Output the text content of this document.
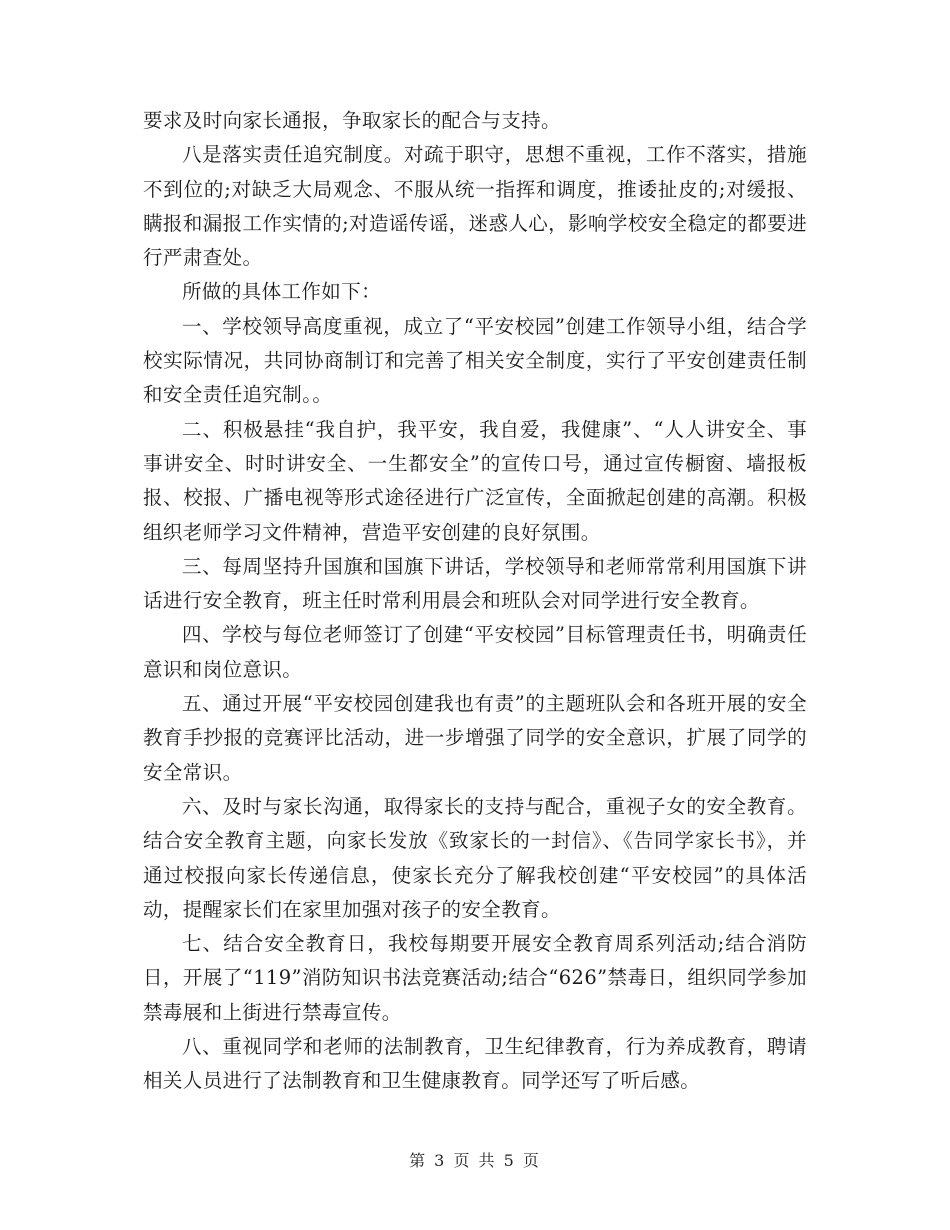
要求及时向家长通报，争取家长的配合与支持。

八是落实责任追究制度。对疏于职守，思想不重视，工作不落实，措施不到位的;对缺乏大局观念、不服从统一指挥和调度，推诿扯皮的;对缓报、瞒报和漏报工作实情的;对造谣传谣，迷惑人心，影响学校安全稳定的都要进行严肃查处。

所做的具体工作如下：

一、学校领导高度重视，成立了“平安校园”创建工作领导小组，结合学校实际情况，共同协商制订和完善了相关安全制度，实行了平安创建责任制和安全责任追究制。。

二、积极悬挂“我自护，我平安，我自爱，我健康”、“人人讲安全、事事讲安全、时时讲安全、一生都安全”的宣传口号，通过宣传橱窗、墙报板报、校报、广播电视等形式途径进行广泛宣传，全面掀起创建的高潮。积极组织老师学习文件精神，营造平安创建的良好氛围。

三、每周坚持升国旗和国旗下讲话，学校领导和老师常常利用国旗下讲话进行安全教育，班主任时常利用晨会和班队会对同学进行安全教育。

四、学校与每位老师签订了创建“平安校园”目标管理责任书，明确责任意识和岗位意识。

五、通过开展“平安校园创建我也有责”的主题班队会和各班开展的安全教育手抄报的竞赛评比活动，进一步增强了同学的安全意识，扩展了同学的安全常识。

六、及时与家长沟通，取得家长的支持与配合，重视子女的安全教育。结合安全教育主题，向家长发放《致家长的一封信》、《告同学家长书》，并通过校报向家长传递信息，使家长充分了解我校创建“平安校园”的具体活动，提醒家长们在家里加强对孩子的安全教育。

七、结合安全教育日，我校每期要开展安全教育周系列活动;结合消防日，开展了“119”消防知识书法竞赛活动;结合“626”禁毒日，组织同学参加禁毒展和上街进行禁毒宣传。

八、重视同学和老师的法制教育，卫生纪律教育，行为养成教育，聘请相关人员进行了法制教育和卫生健康教育。同学还写了听后感。

第 3 页 共 5 页
